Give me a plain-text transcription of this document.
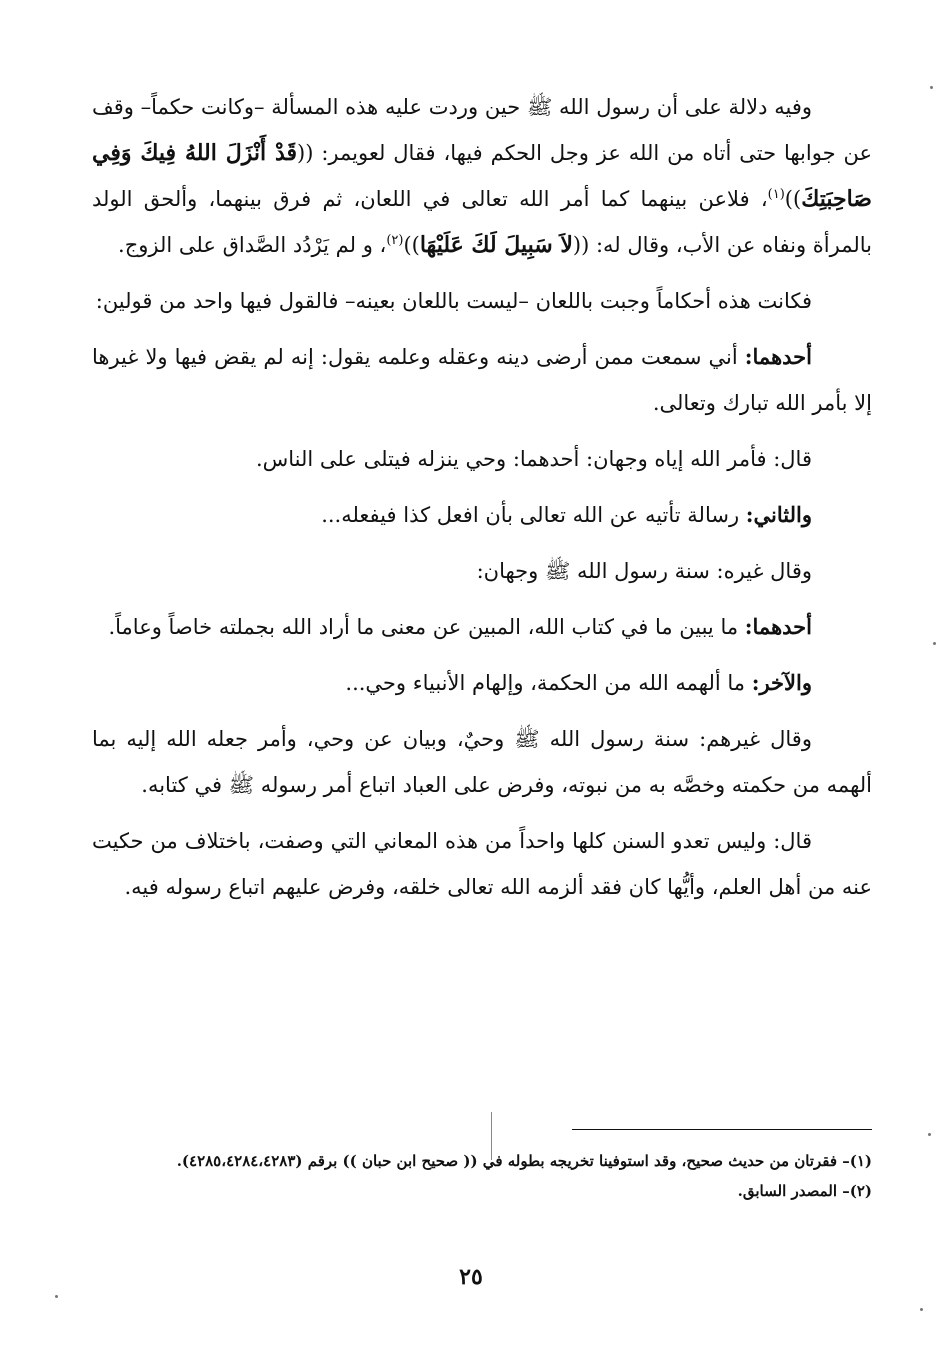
وفيه دلالة على أن رسول الله ﷺ حين وردت عليه هذه المسألة –وكانت حكماً– وقف عن جوابها حتى أتاه من الله عز وجل الحكم فيها، فقال لعويمر: ((قَدْ أَنْزَلَ اللهُ فِيكَ وَفِي صَاحِبَتِكَ))$^{(١)}$، فلاعن بينهما كما أمر الله تعالى في اللعان، ثم فرق بينهما، وألحق الولد بالمرأة ونفاه عن الأب، وقال له: ((لاَ سَبِيلَ لَكَ عَلَيْهَا))$^{(٢)}$، و لم يَرْدُد الصَّداق على الزوج.

فكانت هذه أحكاماً وجبت باللعان –ليست باللعان بعينه– فالقول فيها واحد من قولين:

أحدهما: أني سمعت ممن أرضى دينه وعقله وعلمه يقول: إنه لم يقض فيها ولا غيرها إلا بأمر الله تبارك وتعالى.

قال: فأمر الله إياه وجهان: أحدهما: وحي ينزله فيتلى على الناس.

والثاني: رسالة تأتيه عن الله تعالى بأن افعل كذا فيفعله...

وقال غيره: سنة رسول الله ﷺ وجهان:

أحدهما: ما يبين ما في كتاب الله، المبين عن معنى ما أراد الله بجملته خاصاً وعاماً.

والآخر: ما ألهمه الله من الحكمة، وإلهام الأنبياء وحي...

وقال غيرهم: سنة رسول الله ﷺ وحيٌ، وبيان عن وحي، وأمر جعله الله إليه بما ألهمه من حكمته وخصَّه به من نبوته، وفرض على العباد اتباع أمر رسوله ﷺ في كتابه.

قال: وليس تعدو السنن كلها واحداً من هذه المعاني التي وصفت، باختلاف من حكيت عنه من أهل العلم، وأيُّها كان فقد ألزمه الله تعالى خلقه، وفرض عليهم اتباع رسوله فيه.

(١)– فقرتان من حديث صحيح، وقد استوفينا تخريجه بطوله في (( صحيح ابن حبان )) برقم (٤٢٨٥،٤٢٨٤،٤٢٨٣).

(٢)– المصدر السابق.

٢٥
